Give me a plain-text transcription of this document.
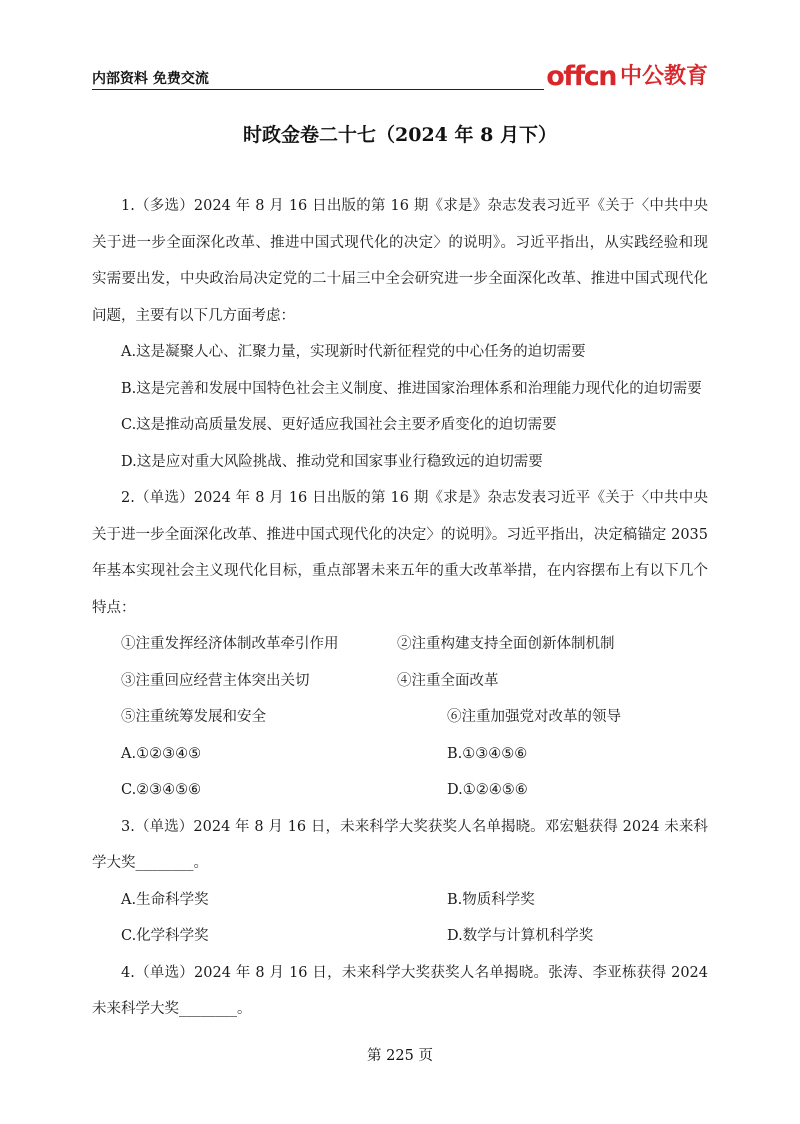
内部资料 免费交流	offcn 中公教育
时政金卷二十七（2024 年 8 月下）

1.（多选）2024 年 8 月 16 日出版的第 16 期《求是》杂志发表习近平《关于〈中共中央关于进一步全面深化改革、推进中国式现代化的决定〉的说明》。习近平指出，从实践经验和现实需要出发，中央政治局决定党的二十届三中全会研究进一步全面深化改革、推进中国式现代化问题，主要有以下几方面考虑：

A.这是凝聚人心、汇聚力量，实现新时代新征程党的中心任务的迫切需要

B.这是完善和发展中国特色社会主义制度、推进国家治理体系和治理能力现代化的迫切需要

C.这是推动高质量发展、更好适应我国社会主要矛盾变化的迫切需要

D.这是应对重大风险挑战、推动党和国家事业行稳致远的迫切需要

2.（单选）2024 年 8 月 16 日出版的第 16 期《求是》杂志发表习近平《关于〈中共中央关于进一步全面深化改革、推进中国式现代化的决定〉的说明》。习近平指出，决定稿锚定 2035 年基本实现社会主义现代化目标，重点部署未来五年的重大改革举措，在内容摆布上有以下几个特点：

①注重发挥经济体制改革牵引作用	②注重构建支持全面创新体制机制
③注重回应经营主体突出关切	④注重全面改革
⑤注重统筹发展和安全	⑥注重加强党对改革的领导
A.①②③④⑤	B.①③④⑤⑥
C.②③④⑤⑥	D.①②④⑤⑥

3.（单选）2024 年 8 月 16 日，未来科学大奖获奖人名单揭晓。邓宏魁获得 2024 未来科学大奖________。

A.生命科学奖	B.物质科学奖
C.化学科学奖	D.数学与计算机科学奖

4.（单选）2024 年 8 月 16 日，未来科学大奖获奖人名单揭晓。张涛、李亚栋获得 2024 未来科学大奖________。

第 225 页
